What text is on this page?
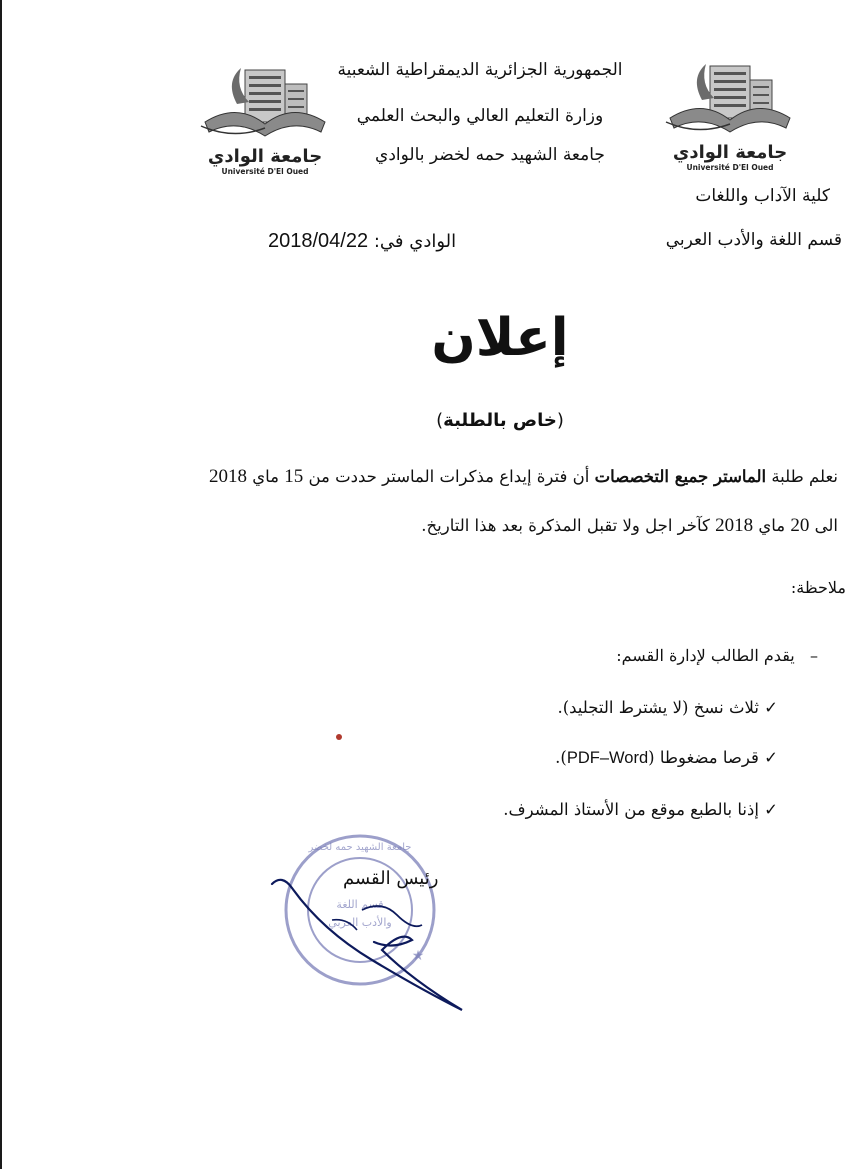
جامعة الوادي
Université D'El Oued
جامعة الوادي
Université D'El Oued
الجمهورية الجزائرية الديمقراطية الشعبية
وزارة التعليم العالي والبحث العلمي
جامعة الشهيد حمه لخضر بالوادي
كلية الآداب واللغات
قسم اللغة والأدب العربي
الوادي في: 2018/04/22
إعلان
(خاص بالطلبة)
نعلم طلبة الماستر جميع التخصصات أن فترة إيداع مذكرات الماستر حددت من 15 ماي 2018
الى 20 ماي 2018 كآخر اجل ولا تقبل المذكرة بعد هذا التاريخ.
ملاحظة:
–   يقدم الطالب لإدارة القسم:
✓ ثلاث نسخ (لا يشترط التجليد).
✓ قرصا مضغوطا (PDF–Word).
✓ إذنا بالطبع موقع من الأستاذ المشرف.
جامعة الشهيد حمه لخضر
قسم اللغة
والأدب العربي
★
رئيس القسم
